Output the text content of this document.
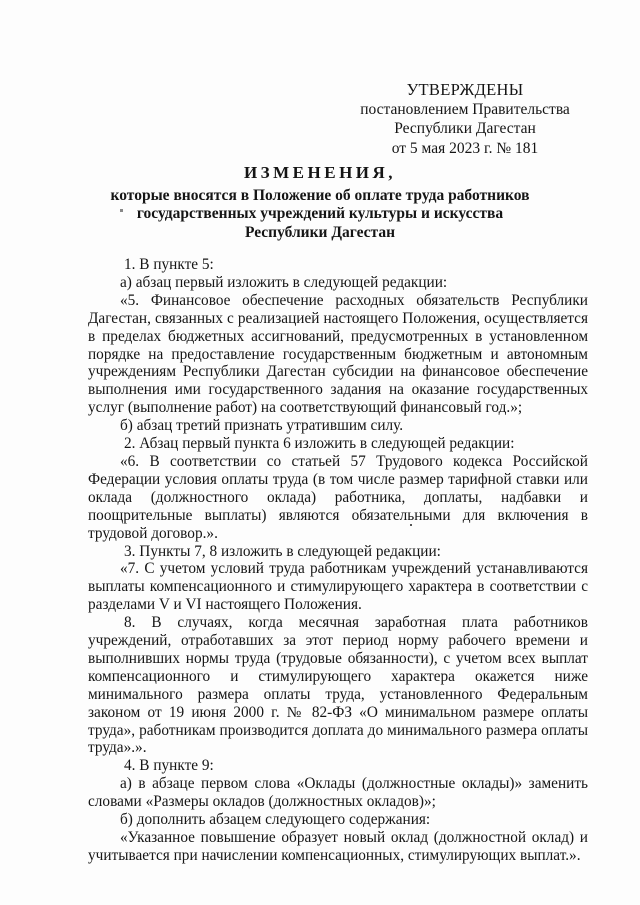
УТВЕРЖДЕНЫ
постановлением Правительства
Республики Дагестан
от 5 мая 2023 г. № 181
ИЗМЕНЕНИЯ,
которые вносятся в Положение об оплате труда работников
государственных учреждений культуры и искусства
Республики Дагестан

1. В пункте 5:

а) абзац первый изложить в следующей редакции:

«5. Финансовое обеспечение расходных обязательств Республики Дагестан, связанных с реализацией настоящего Положения, осуществляется в пределах бюджетных ассигнований, предусмотренных в установленном порядке на предоставление государственным бюджетным и автономным учреждениям Республики Дагестан субсидии на финансовое обеспечение выполнения ими государственного задания на оказание государственных услуг (выполнение работ) на соответствующий финансовый год.»;

б) абзац третий признать утратившим силу.

2. Абзац первый пункта 6 изложить в следующей редакции:

«6. В соответствии со статьей 57 Трудового кодекса Российской Федерации условия оплаты труда (в том числе размер тарифной ставки или оклада (должностного оклада) работника, доплаты, надбавки и поощрительные выплаты) являются обязательными для включения в трудовой договор.».

3. Пункты 7, 8 изложить в следующей редакции:

«7. С учетом условий труда работникам учреждений устанавливаются выплаты компенсационного и стимулирующего характера в соответствии с разделами V и VI настоящего Положения.

8. В случаях, когда месячная заработная плата работников учреждений, отработавших за этот период норму рабочего времени и выполнивших нормы труда (трудовые обязанности), с учетом всех выплат компенсационного и стимулирующего характера окажется ниже минимального размера оплаты труда, установленного Федеральным законом от 19 июня 2000 г. № 82-ФЗ «О минимальном размере оплаты труда», работникам производится доплата до минимального размера оплаты труда».».

4. В пункте 9:

а) в абзаце первом слова «Оклады (должностные оклады)» заменить словами «Размеры окладов (должностных окладов)»;

б) дополнить абзацем следующего содержания:

«Указанное повышение образует новый оклад (должностной оклад) и учитывается при начислении компенсационных, стимулирующих выплат.».
